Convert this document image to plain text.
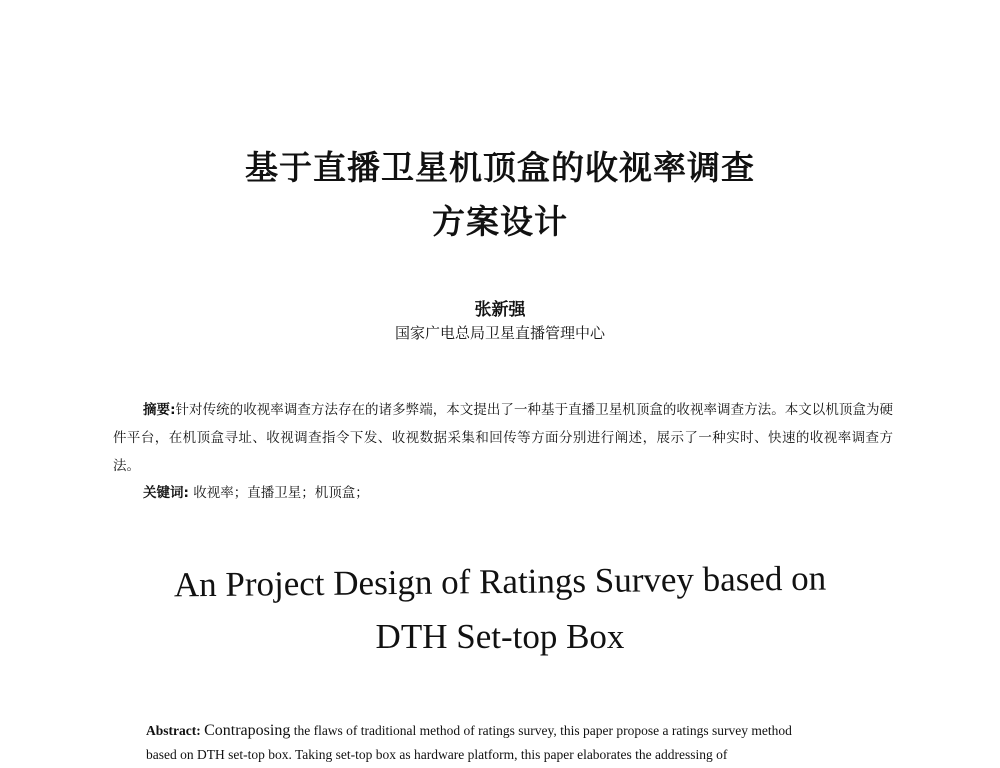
基于直播卫星机顶盒的收视率调查
方案设计
张新强
国家广电总局卫星直播管理中心
摘要:针对传统的收视率调查方法存在的诸多弊端，本文提出了一种基于直播卫星机顶盒的收视率调查方法。本文以机顶盒为硬件平台，在机顶盒寻址、收视调查指令下发、收视数据采集和回传等方面分别进行阐述，展示了一种实时、快速的收视率调查方法。
关键词: 收视率；直播卫星；机顶盒；
An Project Design of Ratings Survey based on
DTH Set-top Box
Abstract: Contraposing the flaws of traditional method of ratings survey, this paper propose a ratings survey method
based on DTH set-top box. Taking set-top box as hardware platform, this paper elaborates the addressing of
